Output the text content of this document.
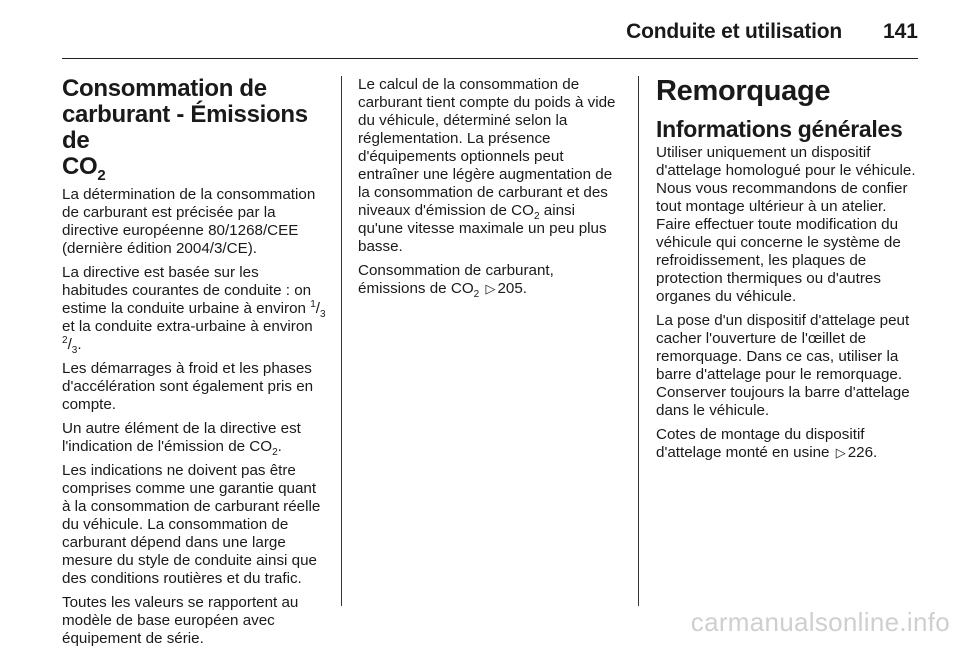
Conduite et utilisation 141
Consommation de
carburant - Émissions de
$CO_2$

La détermination de la consommation de carburant est précisée par la directive européenne 80/1268/CEE (dernière édition 2004/3/CE).

La directive est basée sur les habitudes courantes de conduite : on estime la conduite urbaine à environ $^1/_3$ et la conduite extra-urbaine à environ $^2/_3$.

Les démarrages à froid et les phases d'accélération sont également pris en compte.

Un autre élément de la directive est l'indication de l'émission de $CO_2$.

Les indications ne doivent pas être comprises comme une garantie quant à la consommation de carburant réelle du véhicule. La consommation de carburant dépend dans une large mesure du style de conduite ainsi que des conditions routières et du trafic.

Toutes les valeurs se rapportent au modèle de base européen avec équipement de série.

Le calcul de la consommation de carburant tient compte du poids à vide du véhicule, déterminé selon la réglementation. La présence d'équipements optionnels peut entraîner une légère augmentation de la consommation de carburant et des niveaux d'émission de $CO_2$ ainsi qu'une vitesse maximale un peu plus basse.

Consommation de carburant, émissions de $CO_2$ ▷ 205.

Remorquage
Informations générales

Utiliser uniquement un dispositif d'attelage homologué pour le véhicule. Nous vous recommandons de confier tout montage ultérieur à un atelier. Faire effectuer toute modification du véhicule qui concerne le système de refroidissement, les plaques de protection thermiques ou d'autres organes du véhicule.

La pose d'un dispositif d'attelage peut cacher l'ouverture de l'œillet de remorquage. Dans ce cas, utiliser la barre d'attelage pour le remorquage. Conserver toujours la barre d'attelage dans le véhicule.

Cotes de montage du dispositif d'attelage monté en usine ▷ 226.

carmanualsonline.info
